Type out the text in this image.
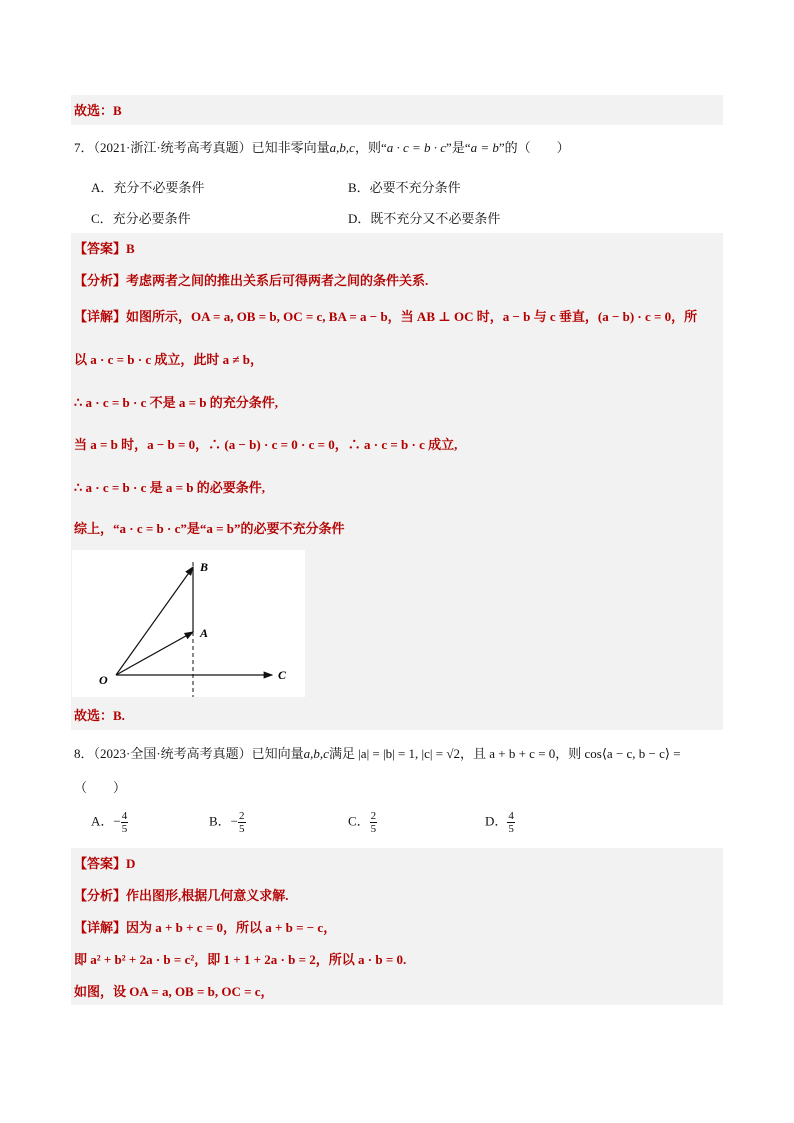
故选：B
7．（2021·浙江·统考高考真题）已知非零向量a,b,c，则“a · c = b · c”是“a = b”的（　　）
A．充分不必要条件	B．必要不充分条件
C．充分必要条件	D．既不充分又不必要条件
【答案】B
【分析】考虑两者之间的推出关系后可得两者之间的条件关系.
【详解】如图所示，OA = a, OB = b, OC = c, BA = a − b，当 AB ⊥ OC 时，a − b 与 c 垂直，(a − b) · c = 0，所
以 a · c = b · c 成立，此时 a ≠ b，
∴ a · c = b · c 不是 a = b 的充分条件,
当 a = b 时，a − b = 0，∴ (a − b) · c = 0 · c = 0，∴ a · c = b · c 成立,
∴ a · c = b · c 是 a = b 的必要条件,
综上，“a · c = b · c”是“a = b”的必要不充分条件
B
A
O	C
故选：B.
8．（2023·全国·统考高考真题）已知向量a,b,c满足 |a| = |b| = 1, |c| = √2，且 a + b + c = 0，则 cos⟨a − c, b − c⟩ =
（　　）
A．− $\frac{4}{5}$	B．− $\frac{2}{5}$	C． $\frac{2}{5}$	D． $\frac{4}{5}$
【答案】D
【分析】作出图形,根据几何意义求解.
【详解】因为 a + b + c = 0，所以 a + b = − c，
即 a² + b² + 2a · b = c²，即 1 + 1 + 2a · b = 2，所以 a · b = 0.
如图，设 OA = a, OB = b, OC = c，
